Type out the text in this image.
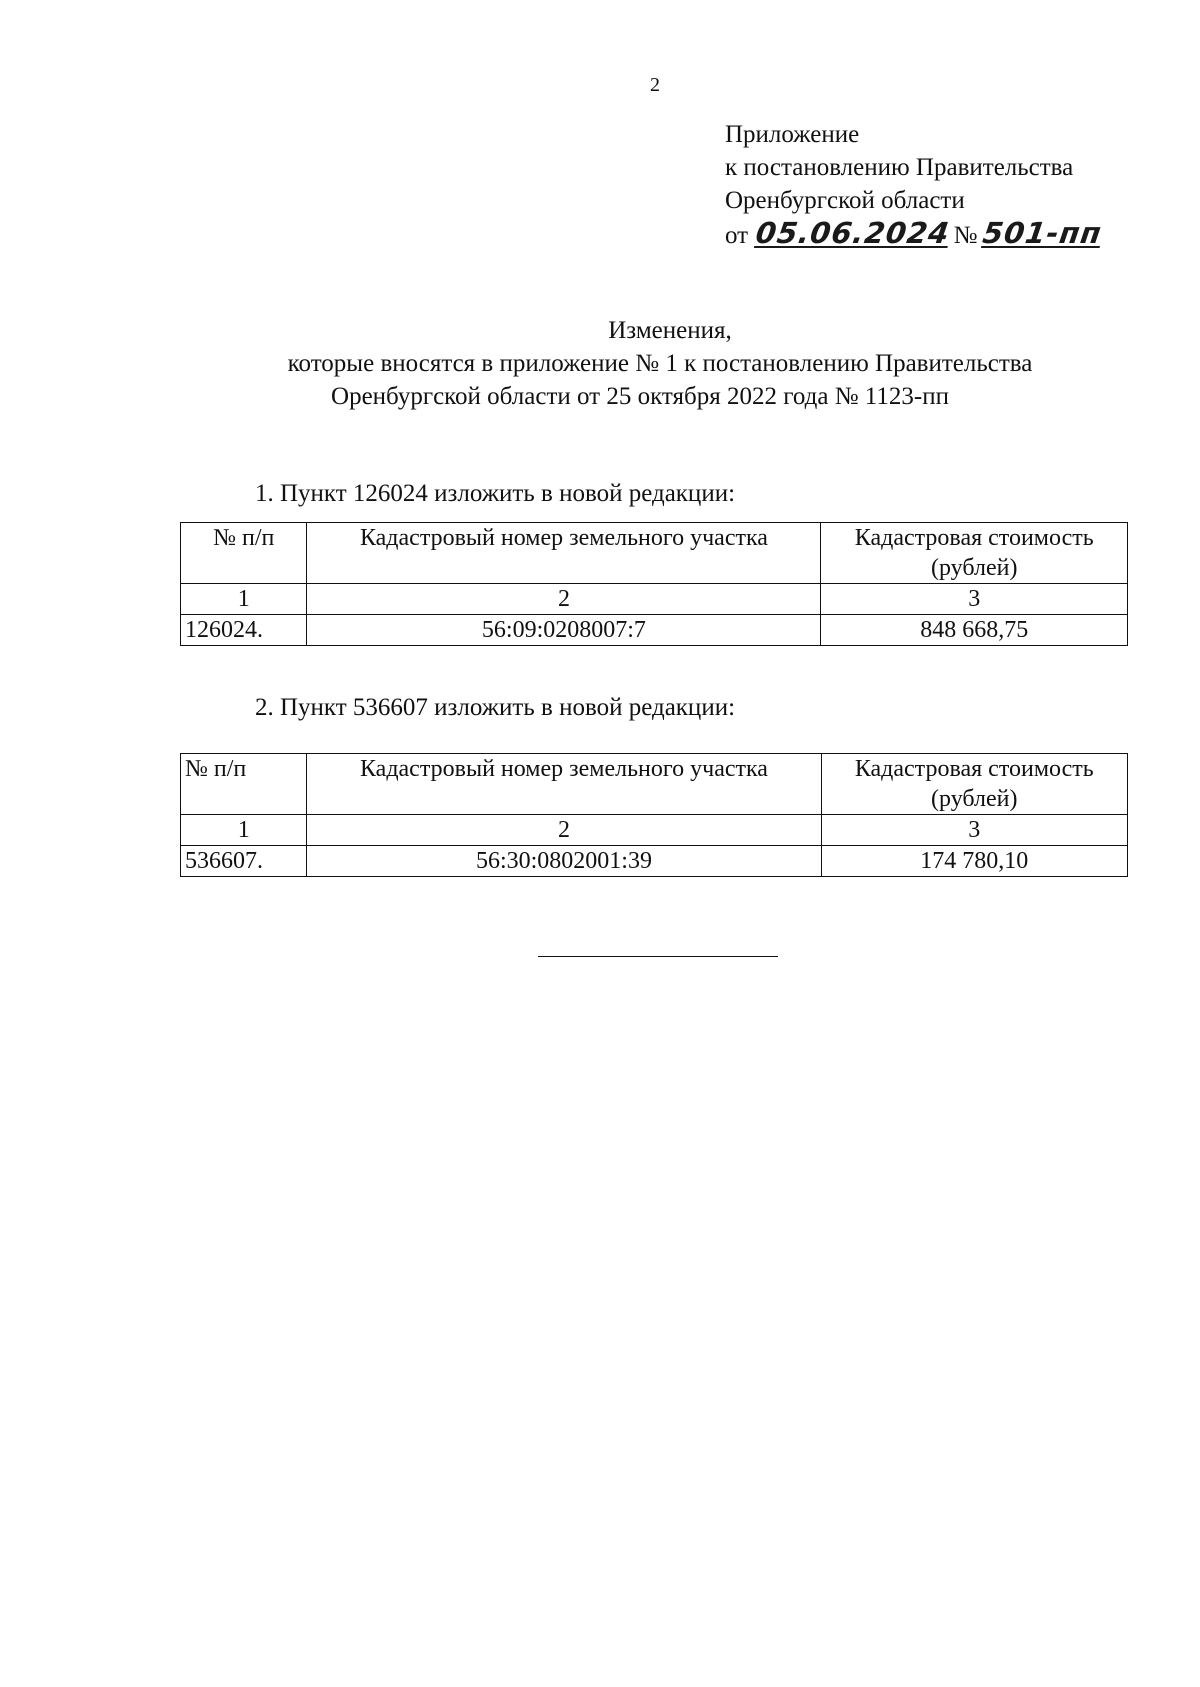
2
Приложение
к постановлению Правительства
Оренбургской области
от 05.06.2024№ 501-пп
Изменения,
которые вносятся в приложение № 1 к постановлению Правительства
Оренбургской области от 25 октября 2022 года № 1123-пп
1. Пункт 126024 изложить в новой редакции:
№ п/п	Кадастровый номер земельного участка	Кадастровая стоимость (рублей)
1	2	3
126024.	56:09:0208007:7	848 668,75
2. Пункт 536607 изложить в новой редакции:
№ п/п	Кадастровый номер земельного участка	Кадастровая стоимость (рублей)
1	2	3
536607.	56:30:0802001:39	174 780,10
